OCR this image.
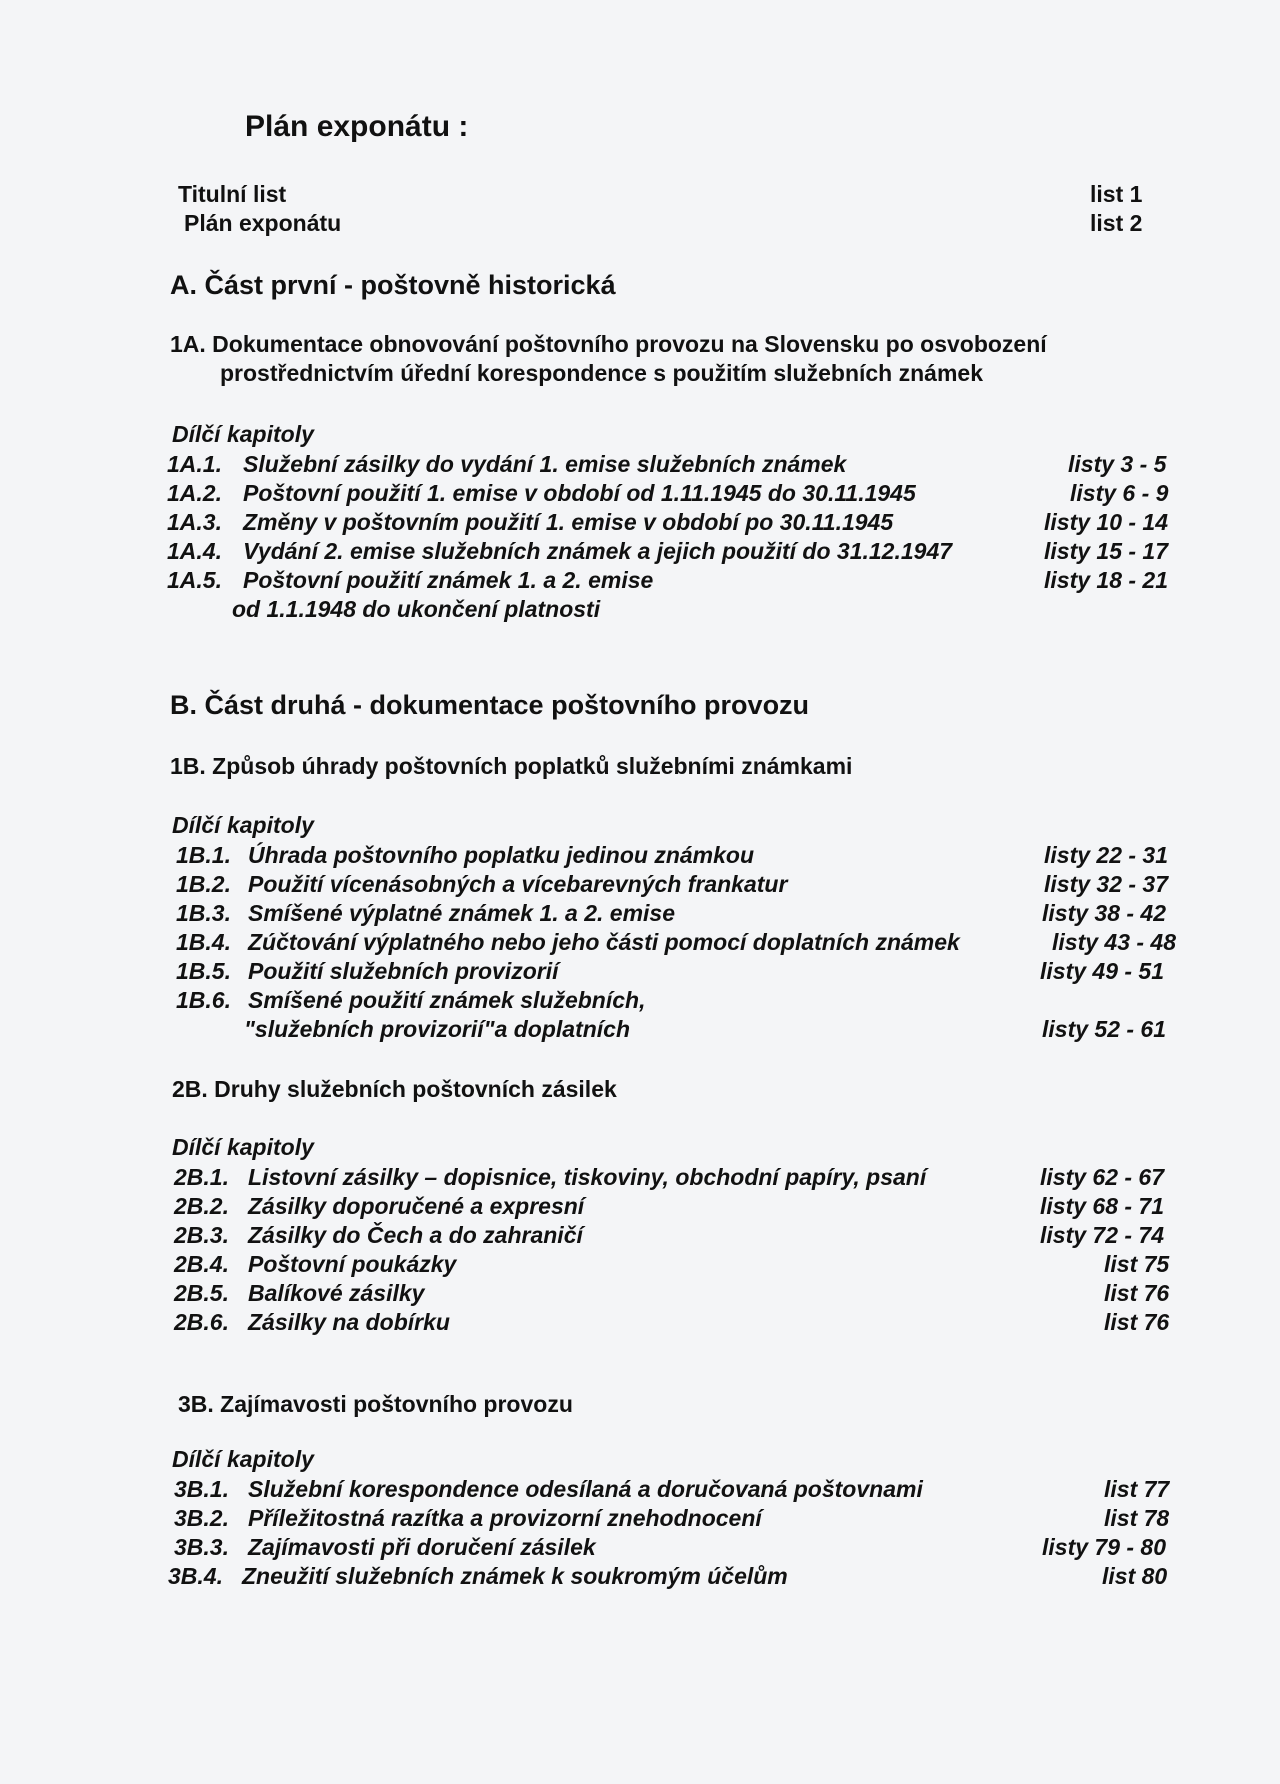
Plán exponátu :
Titulní list	list 1
Plán exponátu	list 2
A. Část první - poštovně historická
1A. Dokumentace obnovování poštovního provozu na Slovensku po osvobození
prostřednictvím úřední korespondence s použitím služebních známek
Dílčí kapitoly
1A.1. Služební zásilky do vydání 1. emise služebních známek	listy 3 - 5
1A.2. Poštovní použití 1. emise v období od 1.11.1945 do 30.11.1945	listy 6 - 9
1A.3. Změny v poštovním použití 1. emise v období po 30.11.1945	listy 10 - 14
1A.4. Vydání 2. emise služebních známek a jejich použití do 31.12.1947	listy 15 - 17
1A.5. Poštovní použití známek 1. a 2. emise	listy 18 - 21
od 1.1.1948 do ukončení platnosti
B. Část druhá - dokumentace poštovního provozu
1B. Způsob úhrady poštovních poplatků služebními známkami
Dílčí kapitoly
1B.1. Úhrada poštovního poplatku jedinou známkou	listy 22 - 31
1B.2. Použití vícenásobných a vícebarevných frankatur	listy 32 - 37
1B.3. Smíšené výplatné známek 1. a 2. emise	listy 38 - 42
1B.4. Zúčtování výplatného nebo jeho části pomocí doplatních známek	listy 43 - 48
1B.5. Použití služebních provizorií	listy 49 - 51
1B.6. Smíšené použití známek služebních,
"služebních provizorií"a doplatních	listy 52 - 61
2B. Druhy služebních poštovních zásilek
Dílčí kapitoly
2B.1. Listovní zásilky – dopisnice, tiskoviny, obchodní papíry, psaní	listy 62 - 67
2B.2. Zásilky doporučené a expresní	listy 68 - 71
2B.3. Zásilky do Čech a do zahraničí	listy 72 - 74
2B.4. Poštovní poukázky	list 75
2B.5. Balíkové zásilky	list 76
2B.6. Zásilky na dobírku	list 76
3B. Zajímavosti poštovního provozu
Dílčí kapitoly
3B.1. Služební korespondence odesílaná a doručovaná poštovnami	list 77
3B.2. Příležitostná razítka a provizorní znehodnocení	list 78
3B.3. Zajímavosti při doručení zásilek	listy 79 - 80
3B.4. Zneužití služebních známek k soukromým účelům	list 80
